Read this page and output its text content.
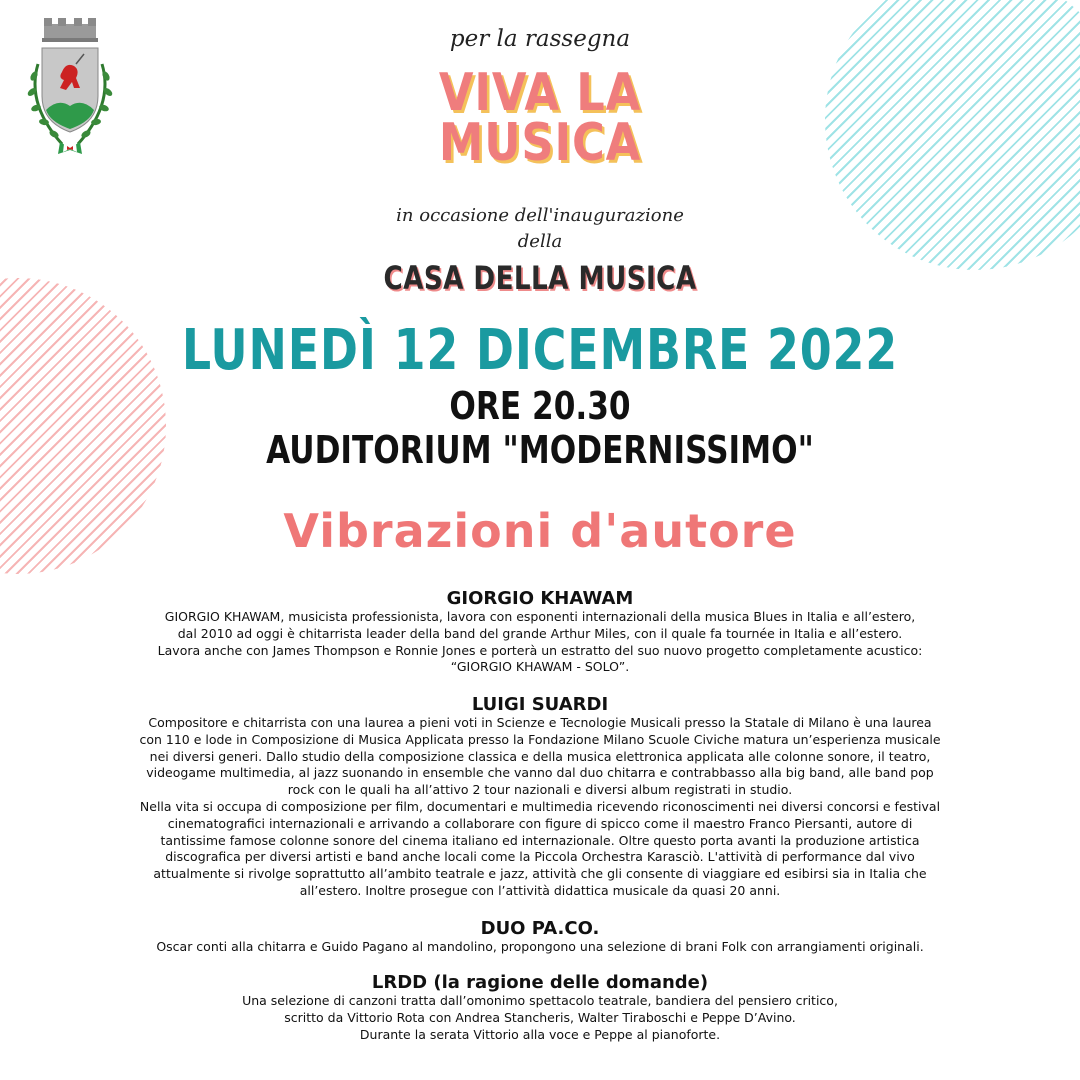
per la rassegna
VIVA LA
MUSICA
in occasione dell'inaugurazione
della
CASA DELLA MUSICA
LUNEDÌ 12 DICEMBRE 2022
ORE 20.30
AUDITORIUM "MODERNISSIMO"
Vibrazioni d'autore

GIORGIO KHAWAM

GIORGIO KHAWAM, musicista professionista, lavora con esponenti internazionali della musica Blues in Italia e all’estero,
dal 2010 ad oggi è chitarrista leader della band del grande Arthur Miles, con il quale fa tournée in Italia e all’estero.
Lavora anche con James Thompson e Ronnie Jones e porterà un estratto del suo nuovo progetto completamente acustico:
“GIORGIO KHAWAM - SOLO”.

LUIGI SUARDI

Compositore e chitarrista con una laurea a pieni voti in Scienze e Tecnologie Musicali presso la Statale di Milano è una laurea
con 110 e lode in Composizione di Musica Applicata presso la Fondazione Milano Scuole Civiche matura un’esperienza musicale
nei diversi generi. Dallo studio della composizione classica e della musica elettronica applicata alle colonne sonore, il teatro,
videogame multimedia, al jazz suonando in ensemble che vanno dal duo chitarra e contrabbasso alla big band, alle band pop
rock con le quali ha all’attivo 2 tour nazionali e diversi album registrati in studio.
Nella vita si occupa di composizione per film, documentari e multimedia ricevendo riconoscimenti nei diversi concorsi e festival
cinematografici internazionali e arrivando a collaborare con figure di spicco come il maestro Franco Piersanti, autore di
tantissime famose colonne sonore del cinema italiano ed internazionale. Oltre questo porta avanti la produzione artistica
discografica per diversi artisti e band anche locali come la Piccola Orchestra Karasciò. L'attività di performance dal vivo
attualmente si rivolge soprattutto all’ambito teatrale e jazz, attività che gli consente di viaggiare ed esibirsi sia in Italia che
all’estero. Inoltre prosegue con l’attività didattica musicale da quasi 20 anni.

DUO PA.CO.

Oscar conti alla chitarra e Guido Pagano al mandolino, propongono una selezione di brani Folk con arrangiamenti originali.

LRDD (la ragione delle domande)

Una selezione di canzoni tratta dall’omonimo spettacolo teatrale, bandiera del pensiero critico,
scritto da Vittorio Rota con Andrea Stancheris, Walter Tiraboschi e Peppe D’Avino.
Durante la serata Vittorio alla voce e Peppe al pianoforte.
